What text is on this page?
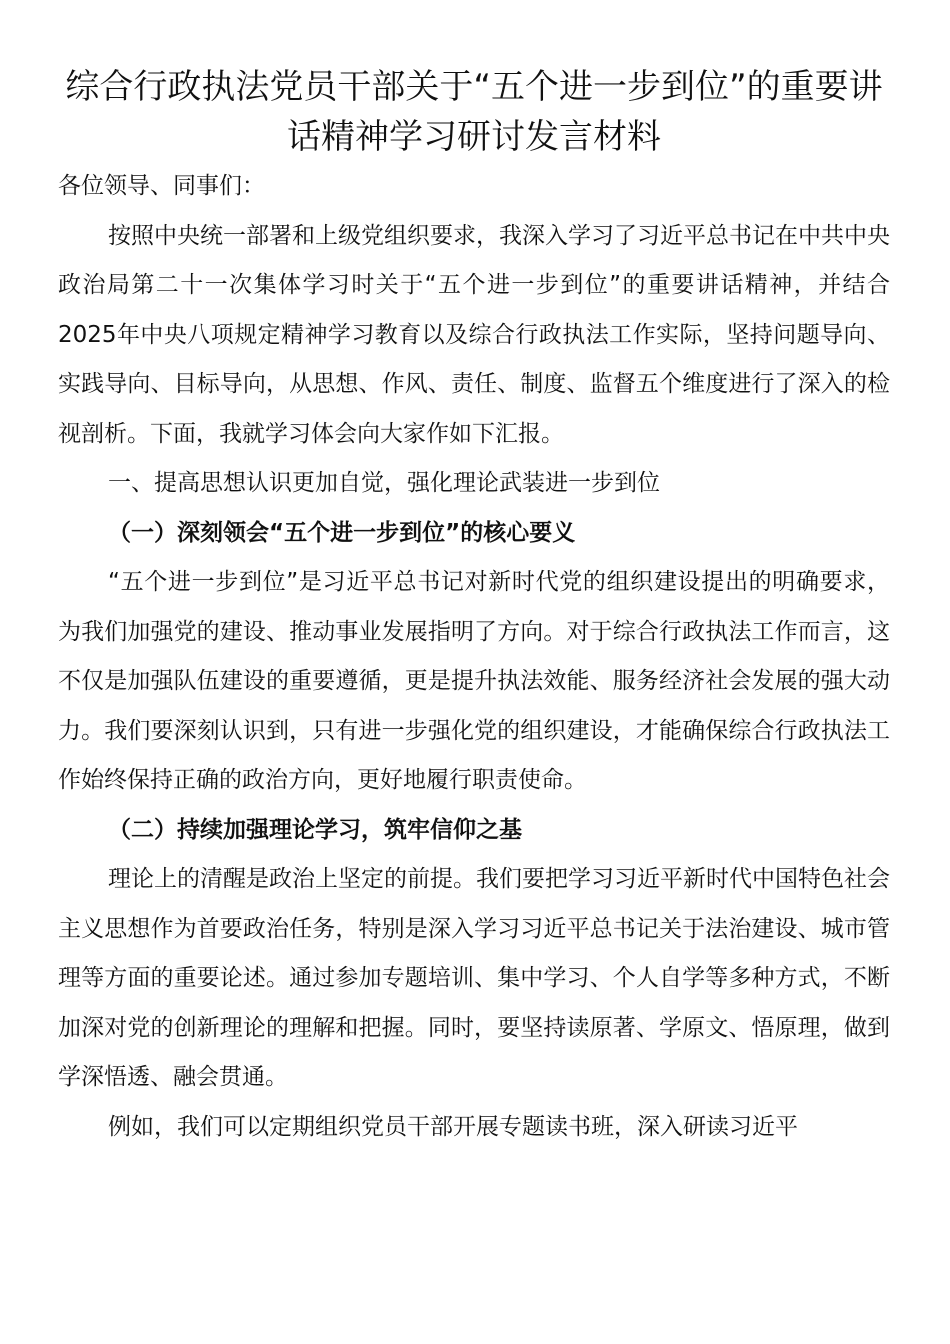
综合行政执法党员干部关于“五个进一步到位”的重要讲话精神学习研讨发言材料

各位领导、同事们：

按照中央统一部署和上级党组织要求，我深入学习了习近平总书记在中共中央政治局第二十一次集体学习时关于“五个进一步到位”的重要讲话精神，并结合2025年中央八项规定精神学习教育以及综合行政执法工作实际，坚持问题导向、实践导向、目标导向，从思想、作风、责任、制度、监督五个维度进行了深入的检视剖析。下面，我就学习体会向大家作如下汇报。

一、提高思想认识更加自觉，强化理论武装进一步到位

（一）深刻领会“五个进一步到位”的核心要义

“五个进一步到位”是习近平总书记对新时代党的组织建设提出的明确要求，为我们加强党的建设、推动事业发展指明了方向。对于综合行政执法工作而言，这不仅是加强队伍建设的重要遵循，更是提升执法效能、服务经济社会发展的强大动力。我们要深刻认识到，只有进一步强化党的组织建设，才能确保综合行政执法工作始终保持正确的政治方向，更好地履行职责使命。

（二）持续加强理论学习，筑牢信仰之基

理论上的清醒是政治上坚定的前提。我们要把学习习近平新时代中国特色社会主义思想作为首要政治任务，特别是深入学习习近平总书记关于法治建设、城市管理等方面的重要论述。通过参加专题培训、集中学习、个人自学等多种方式，不断加深对党的创新理论的理解和把握。同时，要坚持读原著、学原文、悟原理，做到学深悟透、融会贯通。

例如，我们可以定期组织党员干部开展专题读书班，深入研读习近平
